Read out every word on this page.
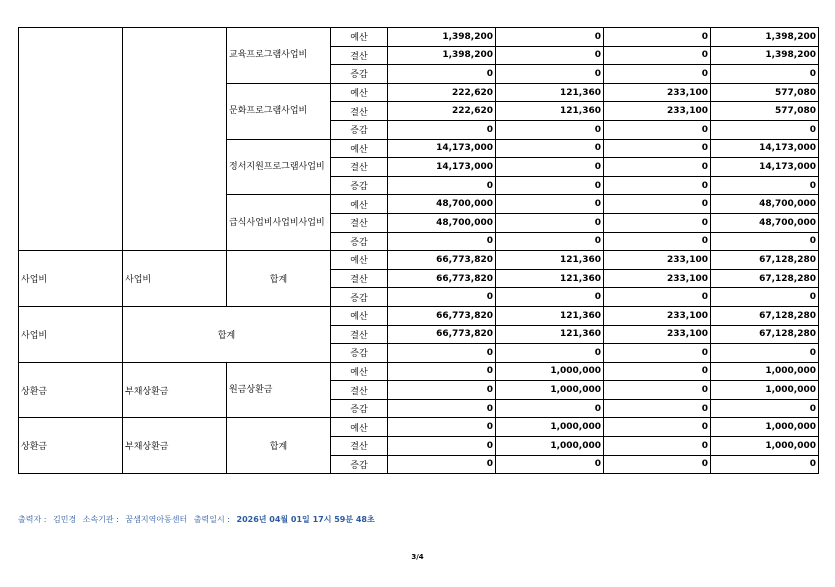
		교육프로그램사업비	예산	1,398,200	0	0	1,398,200
			결산	1,398,200	0	0	1,398,200
			증감	0	0	0	0
		문화프로그램사업비	예산	222,620	121,360	233,100	577,080
			결산	222,620	121,360	233,100	577,080
			증감	0	0	0	0
		정서지원프로그램사업비	예산	14,173,000	0	0	14,173,000
			결산	14,173,000	0	0	14,173,000
			증감	0	0	0	0
		급식사업비사업비사업비	예산	48,700,000	0	0	48,700,000
			결산	48,700,000	0	0	48,700,000
			증감	0	0	0	0
사업비	사업비	합계	예산	66,773,820	121,360	233,100	67,128,280
			결산	66,773,820	121,360	233,100	67,128,280
			증감	0	0	0	0
사업비	합계		예산	66,773,820	121,360	233,100	67,128,280
			결산	66,773,820	121,360	233,100	67,128,280
			증감	0	0	0	0
상환금	부채상환금	원금상환금	예산	0	1,000,000	0	1,000,000
			결산	0	1,000,000	0	1,000,000
			증감	0	0	0	0
상환금	부채상환금	합계	예산	0	1,000,000	0	1,000,000
			결산	0	1,000,000	0	1,000,000
			증감	0	0	0	0
출력자 : 김민경 소속기관 : 꿈샘지역아동센터 출력일시 : 2026년 04월 01일 17시 59분 48초
3/4
